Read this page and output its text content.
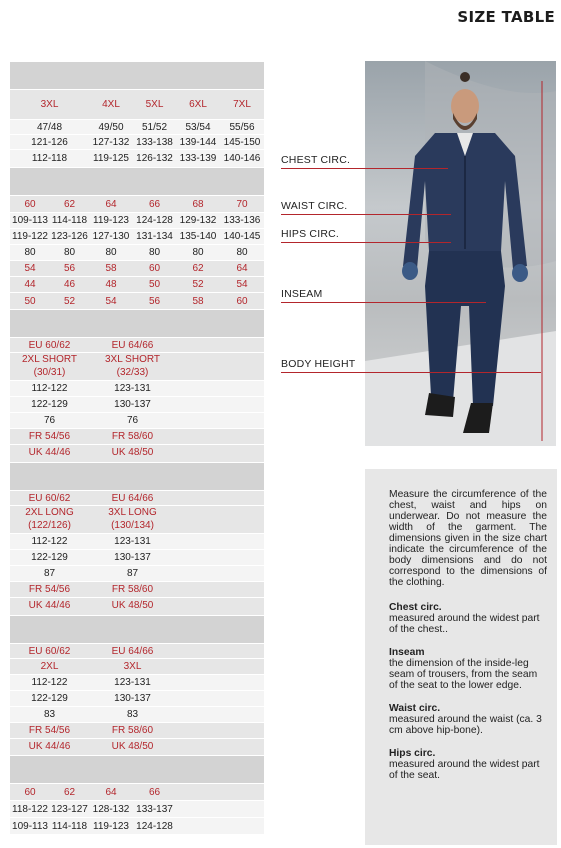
SIZE TABLE
3XL	4XL	5XL	6XL	7XL
47/48	49/50	51/52	53/54	55/56
121-126	127-132 133-138 139-144 145-150
112-118	119-125 126-132 133-139 140-146
60	62	64	66	68	70
109-113 114-118 119-123 124-128 129-132 133-136
119-122 123-126 127-130 131-134 135-140 140-145
80	80	80	80	80	80
54	56	58	60	62	64
44	46	48	50	52	54
50	52	54	56	58	60
EU 60/62	EU 64/66
2XL SHORT	3XL SHORT
(30/31)	(32/33)
112-122	123-131
122-129	130-137
76	76
FR 54/56	FR 58/60
UK 44/46	UK 48/50
EU 60/62	EU 64/66
2XL LONG	3XL LONG
(122/126)	(130/134)
112-122	123-131
122-129	130-137
87	87
FR 54/56	FR 58/60
UK 44/46	UK 48/50
EU 60/62	EU 64/66
2XL	3XL
112-122	123-131
122-129	130-137
83	83
FR 54/56	FR 58/60
UK 44/46	UK 48/50
60	62	64	66
118-122 123-127 128-132 133-137
109-113 114-118 119-123 124-128
CHEST CIRC.
WAIST CIRC.
HIPS CIRC.
INSEAM
BODY HEIGHT

Measure the circumference of the chest, waist and hips on underwear. Do not measure the width of the garment. The dimensions given in the size chart indicate the circumference of the body dimensions and do not correspond to the dimensions of the clothing.

Chest circ.
measured around the widest part of the chest..
Inseam
the dimension of the inside-leg seam of trousers, from the seam of the seat to the lower edge.
Waist circ.
measured around the waist (ca. 3 cm above hip-bone).
Hips circ.
measured around the widest part of the seat.
